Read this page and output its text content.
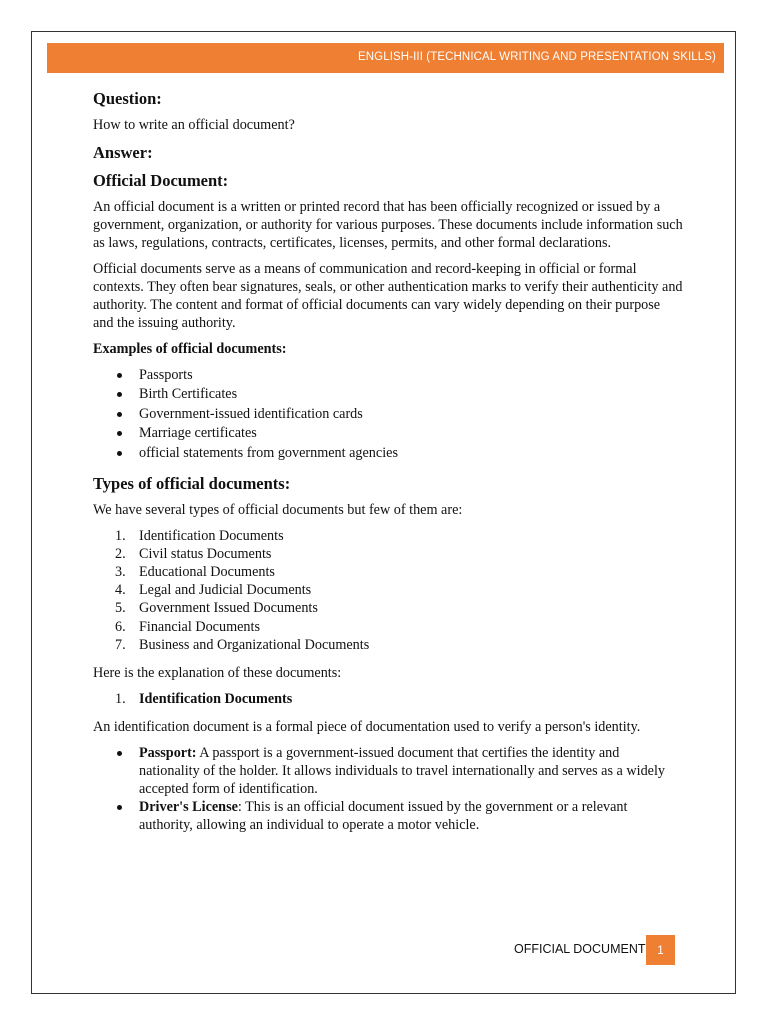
ENGLISH-III (TECHNICAL WRITING AND PRESENTATION SKILLS)
Question:

How to write an official document?

Answer:
Official Document:

An official document is a written or printed record that has been officially recognized or issued by a government, organization, or authority for various purposes. These documents include information such as laws, regulations, contracts, certificates, licenses, permits, and other formal declarations.

Official documents serve as a means of communication and record-keeping in official or formal contexts. They often bear signatures, seals, or other authentication marks to verify their authenticity and authority. The content and format of official documents can vary widely depending on their purpose and the issuing authority.

Examples of official documents:
Passports
Birth Certificates
Government-issued identification cards
Marriage certificates
official statements from government agencies
Types of official documents:

We have several types of official documents but few of them are:

1. Identification Documents
2. Civil status Documents
3. Educational Documents
4. Legal and Judicial Documents
5. Government Issued Documents
6. Financial Documents
7. Business and Organizational Documents

Here is the explanation of these documents:

1. Identification Documents

An identification document is a formal piece of documentation used to verify a person's identity.

Passport: A passport is a government-issued document that certifies the identity and nationality of the holder. It allows individuals to travel internationally and serves as a widely accepted form of identification.
Driver's License: This is an official document issued by the government or a relevant authority, allowing an individual to operate a motor vehicle.
OFFICIAL DOCUMENT 1
